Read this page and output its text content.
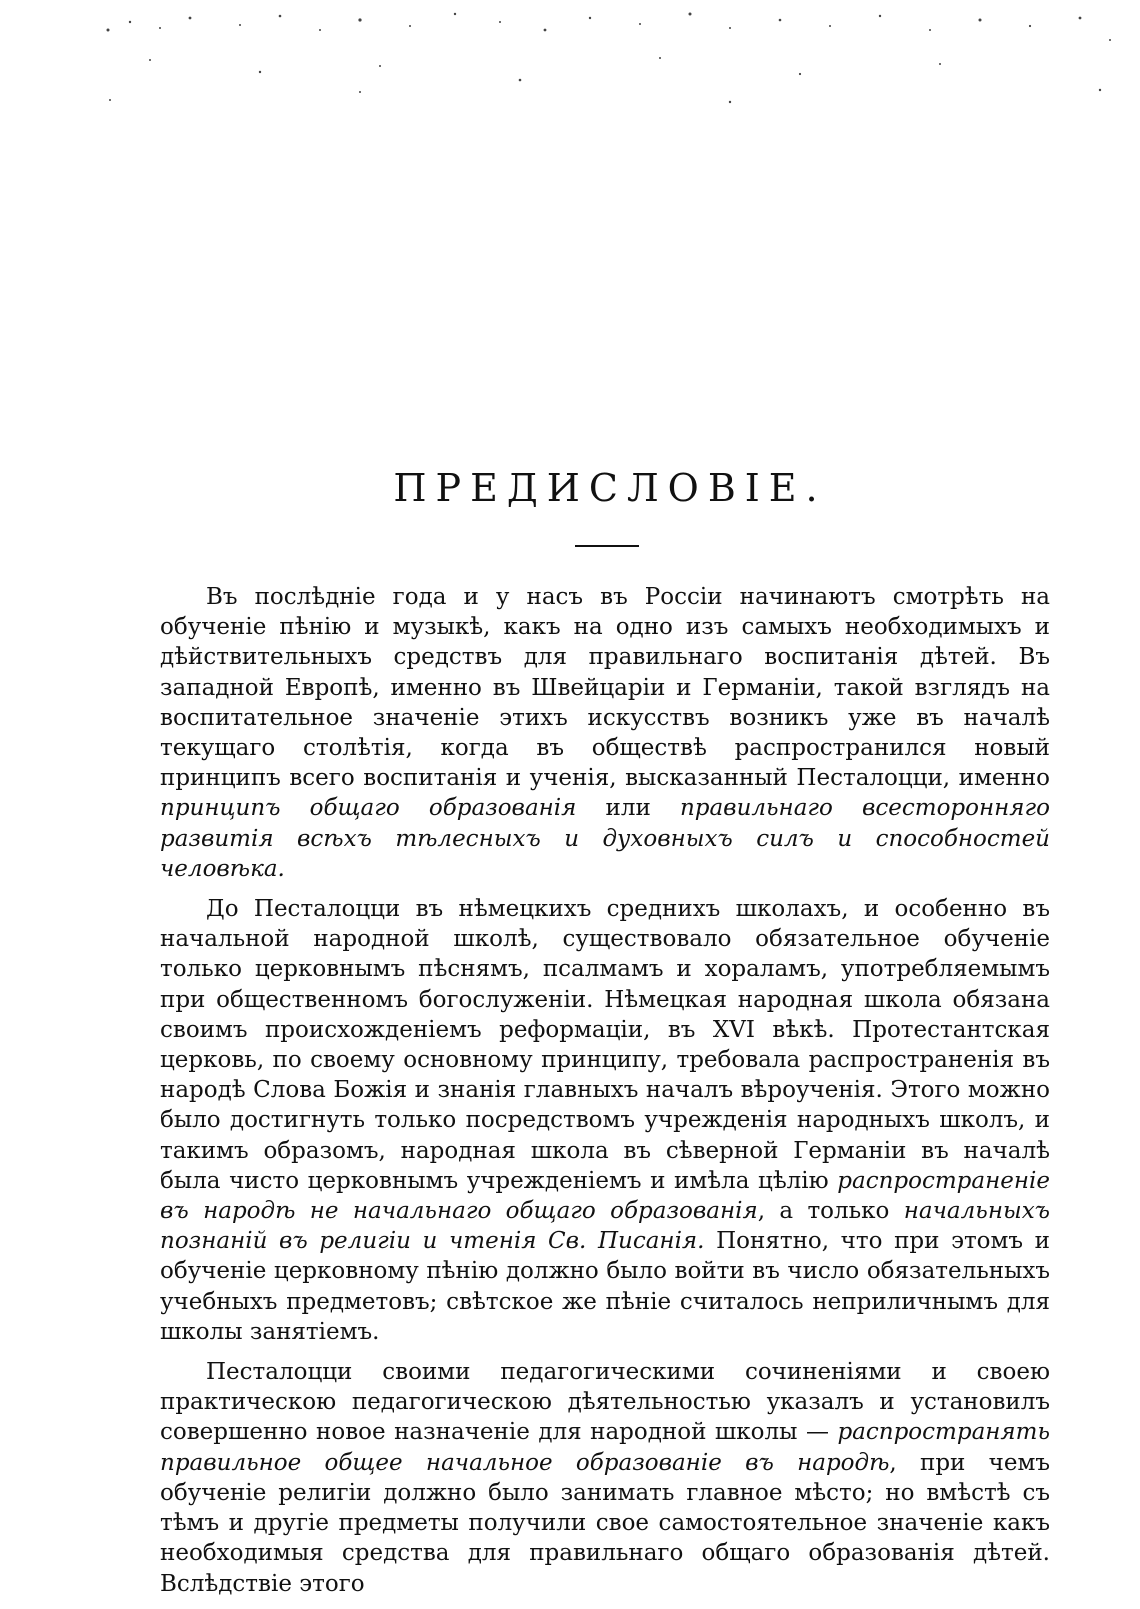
ПРЕДИСЛОВІЕ.

Въ послѣдніе года и у насъ въ Россіи начинаютъ смотрѣть на обученіе пѣнію и музыкѣ, какъ на одно изъ самыхъ необходимыхъ и дѣйствительныхъ средствъ для правильнаго воспитанія дѣтей. Въ западной Европѣ, именно въ Швейцаріи и Германіи, такой взглядъ на воспитательное значеніе этихъ искусствъ возникъ уже въ началѣ текущаго столѣтія, когда въ обществѣ распространился новый принципъ всего воспитанія и ученія, высказанный Песталоцци, именно принципъ общаго образованія или правильнаго всесторонняго развитія всѣхъ тѣлесныхъ и духовныхъ силъ и способностей человѣка.

До Песталоцци въ нѣмецкихъ среднихъ школахъ, и особенно въ начальной народной школѣ, существовало обязательное обученіе только церковнымъ пѣснямъ, псалмамъ и хораламъ, употребляемымъ при общественномъ богослуженіи. Нѣмецкая народная школа обязана своимъ происхожденіемъ реформаціи, въ XVI вѣкѣ. Протестантская церковь, по своему основному принципу, требовала распространенія въ народѣ Слова Божія и знанія главныхъ началъ вѣроученія. Этого можно было достигнуть только посредствомъ учрежденія народныхъ школъ, и такимъ образомъ, народная школа въ сѣверной Германіи въ началѣ была чисто церковнымъ учрежденіемъ и имѣла цѣлію распространеніе въ народѣ не начальнаго общаго образованія, а только начальныхъ познаній въ религіи и чтенія Св. Писанія. Понятно, что при этомъ и обученіе церковному пѣнію должно было войти въ число обязательныхъ учебныхъ предметовъ; свѣтское же пѣніе считалось неприличнымъ для школы занятіемъ.

Песталоцци своими педагогическими сочиненіями и своею практическою педагогическою дѣятельностью указалъ и установилъ совершенно новое назначеніе для народной школы — распространять правильное общее начальное образованіе въ народѣ, при чемъ обученіе религіи должно было занимать главное мѣсто; но вмѣстѣ съ тѣмъ и другіе предметы получили свое самостоятельное значеніе какъ необходимыя средства для правильнаго общаго образованія дѣтей. Вслѣдствіе этого
